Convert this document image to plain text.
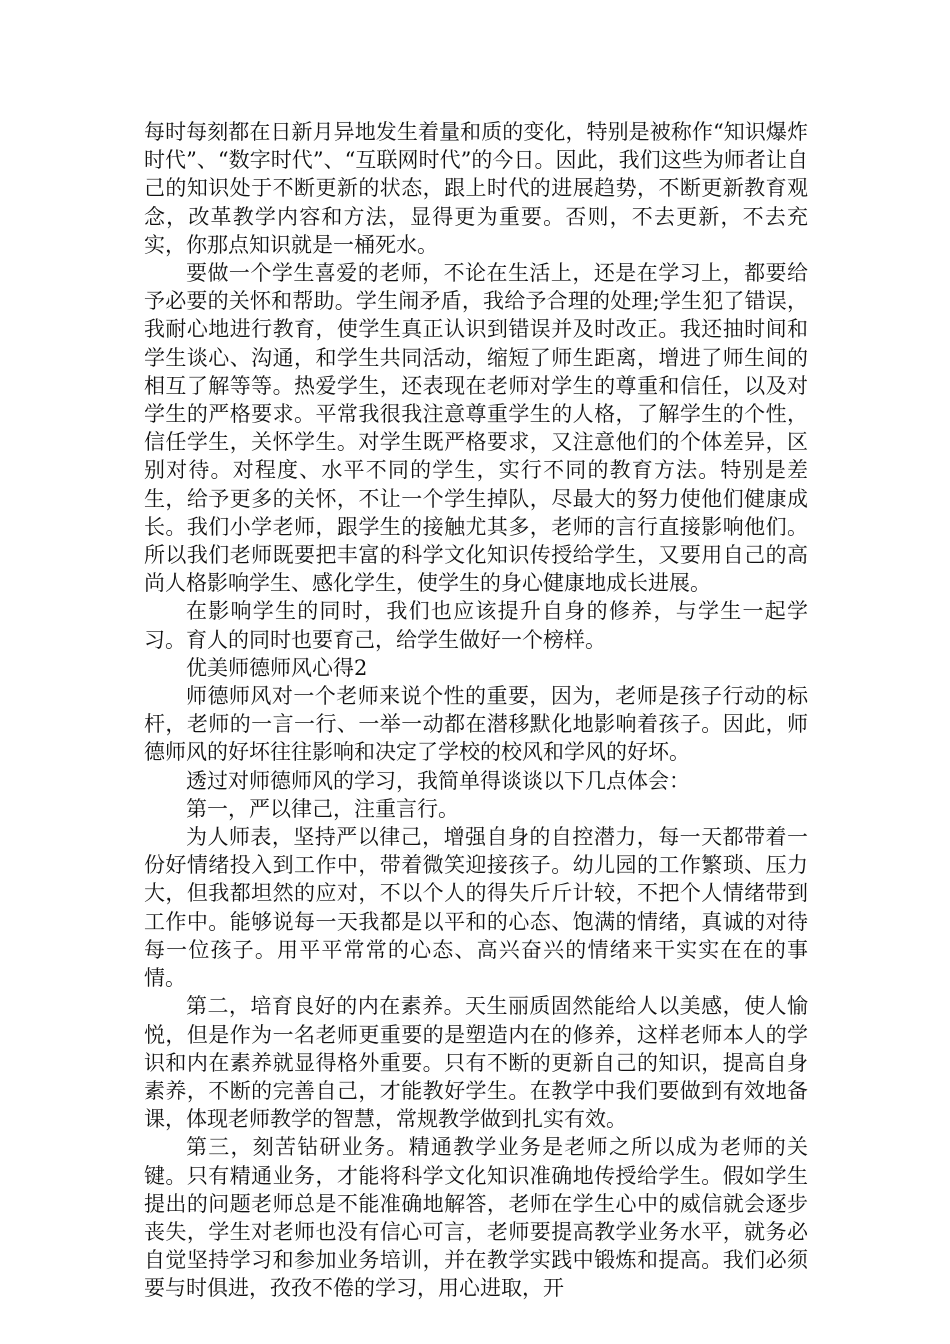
每时每刻都在日新月异地发生着量和质的变化，特别是被称作“知识爆炸时代”、“数字时代”、“互联网时代”的今日。因此，我们这些为师者让自己的知识处于不断更新的状态，跟上时代的进展趋势，不断更新教育观念，改革教学内容和方法，显得更为重要。否则，不去更新，不去充实，你那点知识就是一桶死水。

要做一个学生喜爱的老师，不论在生活上，还是在学习上，都要给予必要的关怀和帮助。学生闹矛盾，我给予合理的处理;学生犯了错误，我耐心地进行教育，使学生真正认识到错误并及时改正。我还抽时间和学生谈心、沟通，和学生共同活动，缩短了师生距离，增进了师生间的相互了解等等。热爱学生，还表现在老师对学生的尊重和信任，以及对学生的严格要求。平常我很我注意尊重学生的人格，了解学生的个性，信任学生，关怀学生。对学生既严格要求，又注意他们的个体差异，区别对待。对程度、水平不同的学生，实行不同的教育方法。特别是差生，给予更多的关怀，不让一个学生掉队，尽最大的努力使他们健康成长。我们小学老师，跟学生的接触尤其多，老师的言行直接影响他们。所以我们老师既要把丰富的科学文化知识传授给学生，又要用自己的高尚人格影响学生、感化学生，使学生的身心健康地成长进展。

在影响学生的同时，我们也应该提升自身的修养，与学生一起学习。育人的同时也要育己，给学生做好一个榜样。

优美师德师风心得2

师德师风对一个老师来说个性的重要，因为，老师是孩子行动的标杆，老师的一言一行、一举一动都在潜移默化地影响着孩子。因此，师德师风的好坏往往影响和决定了学校的校风和学风的好坏。

透过对师德师风的学习，我简单得谈谈以下几点体会：

第一，严以律己，注重言行。

为人师表，坚持严以律己，增强自身的自控潜力，每一天都带着一份好情绪投入到工作中，带着微笑迎接孩子。幼儿园的工作繁琐、压力大，但我都坦然的应对，不以个人的得失斤斤计较，不把个人情绪带到工作中。能够说每一天我都是以平和的心态、饱满的情绪，真诚的对待每一位孩子。用平平常常的心态、高兴奋兴的情绪来干实实在在的事情。

第二，培育良好的内在素养。天生丽质固然能给人以美感，使人愉悦，但是作为一名老师更重要的是塑造内在的修养，这样老师本人的学识和内在素养就显得格外重要。只有不断的更新自己的知识，提高自身素养，不断的完善自己，才能教好学生。在教学中我们要做到有效地备课，体现老师教学的智慧，常规教学做到扎实有效。

第三，刻苦钻研业务。精通教学业务是老师之所以成为老师的关键。只有精通业务，才能将科学文化知识准确地传授给学生。假如学生提出的问题老师总是不能准确地解答，老师在学生心中的威信就会逐步丧失，学生对老师也没有信心可言，老师要提高教学业务水平，就务必自觉坚持学习和参加业务培训，并在教学实践中锻炼和提高。我们必须要与时俱进，孜孜不倦的学习，用心进取，开
